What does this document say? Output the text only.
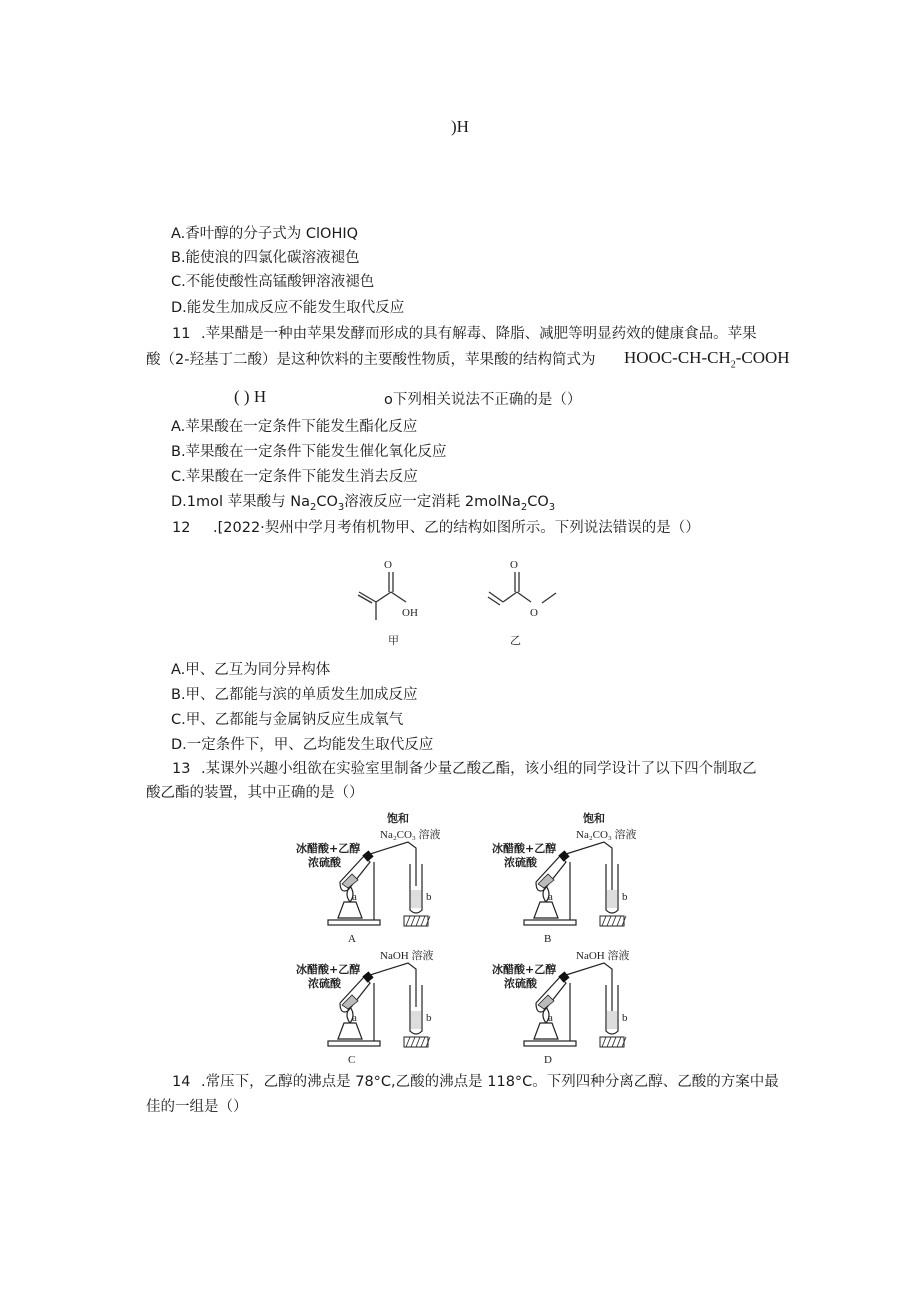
)H
A.香叶醇的分子式为 ClOHIQ
B.能使浪的四氯化碳溶液褪色
C.不能使酸性高锰酸钾溶液褪色
D.能发生加成反应不能发生取代反应
11 .苹果醋是一种由苹果发酵而形成的具有解毒、降脂、减肥等明显药效的健康食品。苹果
酸（2-羟基丁二酸）是这种饮料的主要酸性物质，苹果酸的结构简式为 HOOC-$CH-CH_2$-COOH
( ) H	o下列相关说法不正确的是（）
A.苹果酸在一定条件下能发生酯化反应
B.苹果酸在一定条件下能发生催化氧化反应
C.苹果酸在一定条件下能发生消去反应
D.1mol 苹果酸与 $Na_2CO_3$溶液反应一定消耗 $2molNa_2CO_3$
12 .[2022·契州中学月考侑机物甲、乙的结构如图所示。下列说法错误的是（）
O
OH
甲
O
O
乙
A.甲、乙互为同分异构体
B.甲、乙都能与滨的单质发生加成反应
C.甲、乙都能与金属钠反应生成氧气
D.一定条件下，甲、乙均能发生取代反应
13 .某课外兴趣小组欲在实验室里制备少量乙酸乙酯，该小组的同学设计了以下四个制取乙
酸乙酯的装置，其中正确的是（）
饱和
Na₂CO₃ 溶液
冰醋酸+乙醇
浓硫酸
a	b
A
饱和
Na₂CO₃ 溶液
冰醋酸+乙醇
浓硫酸
a	b
B
NaOH 溶液
冰醋酸+乙醇
浓硫酸
a	b
C
NaOH 溶液
冰醋酸+乙醇
浓硫酸
a	b
D
14 .常压下，乙醇的沸点是 78°C,乙酸的沸点是 118°C。下列四种分离乙醇、乙酸的方案中最
佳的一组是（）
